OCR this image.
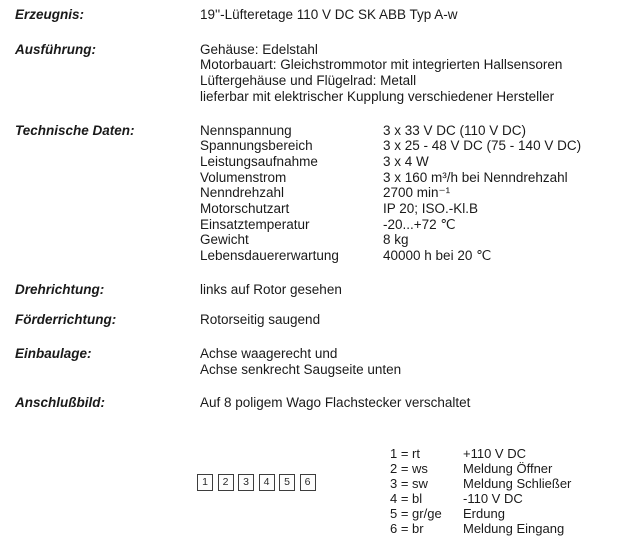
Erzeugnis:	19''-Lüfteretage 110 V DC SK ABB Typ A-w
Ausführung:	Gehäuse: Edelstahl
Motorbauart: Gleichstrommotor mit integrierten Hallsensoren
Lüftergehäuse und Flügelrad: Metall
lieferbar mit elektrischer Kupplung verschiedener Hersteller
Technische Daten:	Nennspannung	3 x 33 V DC (110 V DC)
Spannungsbereich	3 x 25 - 48 V DC (75 - 140 V DC)
Leistungsaufnahme	3 x 4 W
Volumenstrom	3 x 160 m³/h bei Nenndrehzahl
Nenndrehzahl	2700 min⁻¹
Motorschutzart	IP 20; ISO.-Kl.B
Einsatztemperatur	-20...+72 ℃
Gewicht	8 kg
Lebensdauererwartung	40000 h bei 20 ℃
Drehrichtung:	links auf Rotor gesehen
Förderrichtung:	Rotorseitig saugend
Einbaulage:	Achse waagerecht und
Achse senkrecht Saugseite unten
Anschlußbild:	Auf 8 poligem Wago Flachstecker verschaltet
1	2	3	4	5	6
1 = rt	+110 V DC
2 = ws	Meldung Öffner
3 = sw	Meldung Schließer
4 = bl	-110 V DC
5 = gr/ge	Erdung
6 = br	Meldung Eingang
